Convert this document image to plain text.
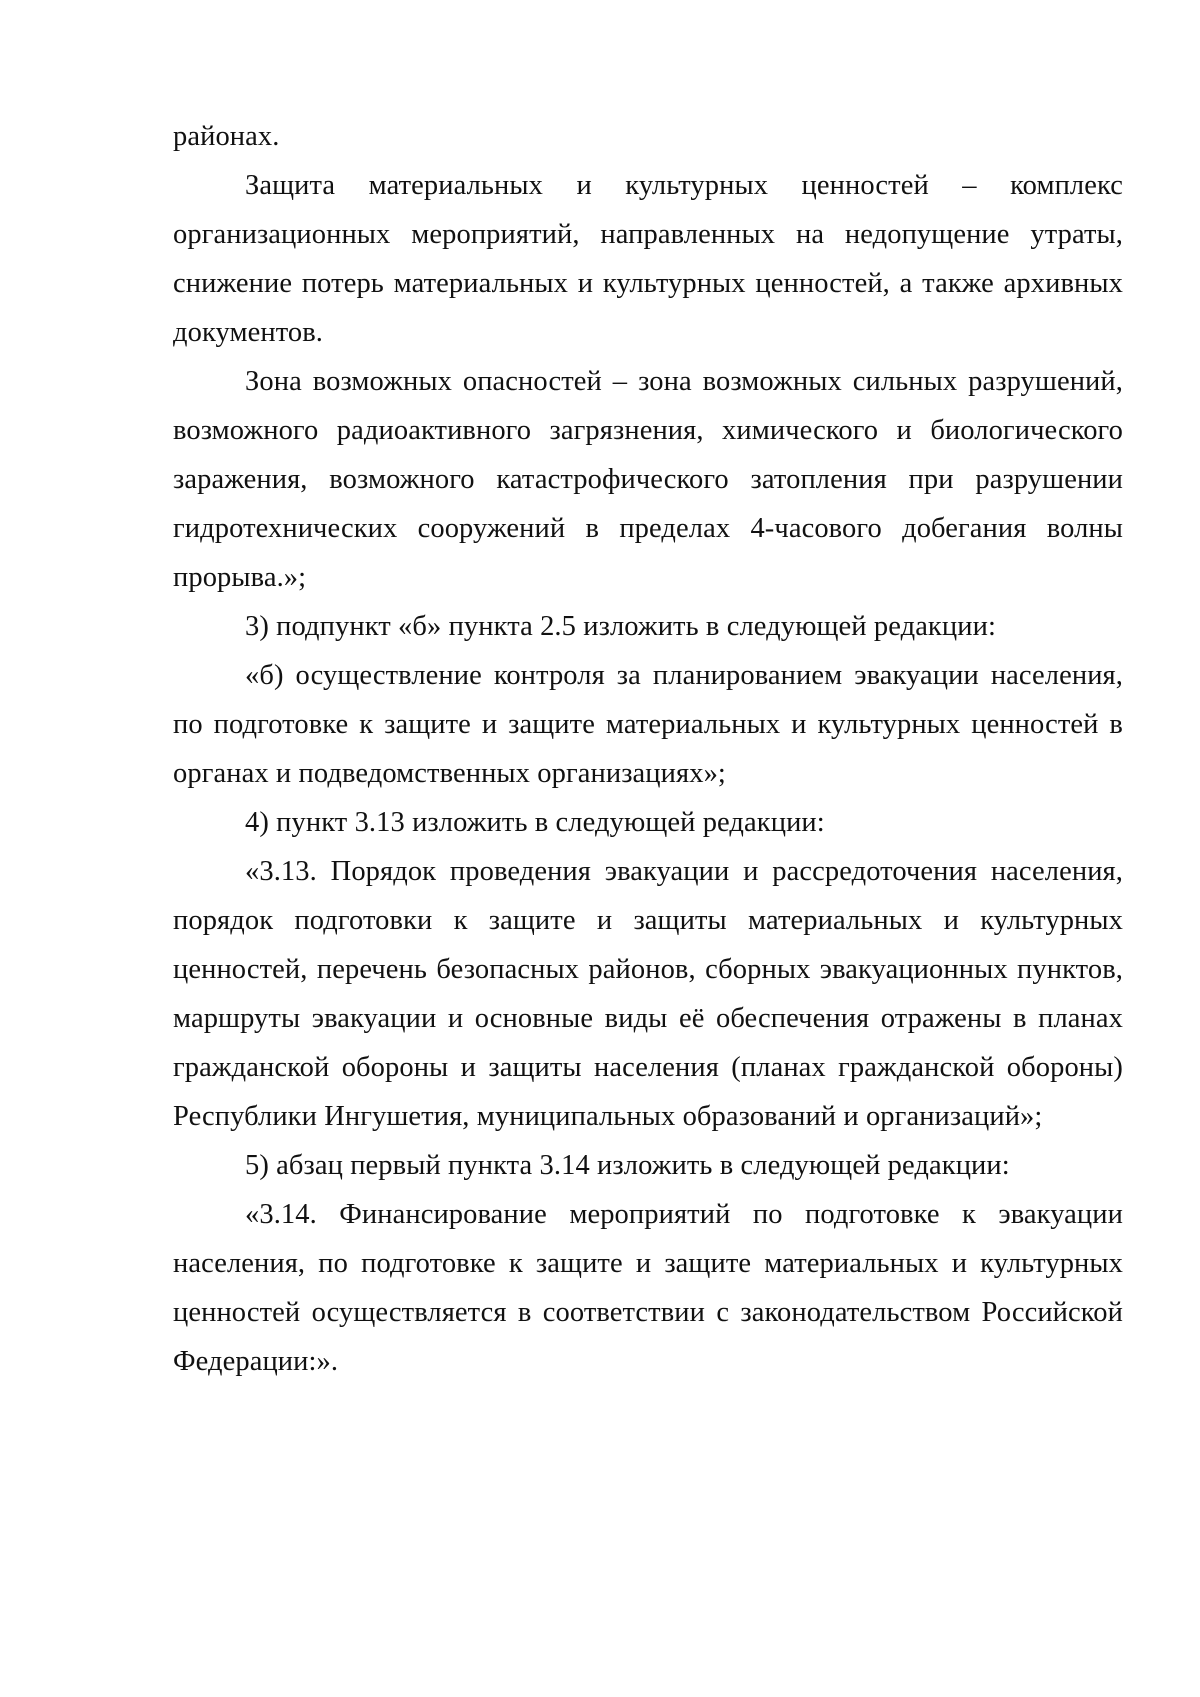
районах.

Защита материальных и культурных ценностей – комплекс организационных мероприятий, направленных на недопущение утраты, снижение потерь материальных и культурных ценностей, а также архивных документов.

Зона возможных опасностей – зона возможных сильных разрушений, возможного радиоактивного загрязнения, химического и биологического заражения, возможного катастрофического затопления при разрушении гидротехнических сооружений в пределах 4-часового добегания волны прорыва.»;

3) подпункт «б» пункта 2.5 изложить в следующей редакции:

«б) осуществление контроля за планированием эвакуации населения, по подготовке к защите и защите материальных и культурных ценностей в органах и подведомственных организациях»;

4) пункт 3.13 изложить в следующей редакции:

«3.13. Порядок проведения эвакуации и рассредоточения населения, порядок подготовки к защите и защиты материальных и культурных ценностей, перечень безопасных районов, сборных эвакуационных пунктов, маршруты эвакуации и основные виды её обеспечения отражены в планах гражданской обороны и защиты населения (планах гражданской обороны) Республики Ингушетия, муниципальных образований и организаций»;

5) абзац первый пункта 3.14 изложить в следующей редакции:

«3.14. Финансирование мероприятий по подготовке к эвакуации населения, по подготовке к защите и защите материальных и культурных ценностей осуществляется в соответствии с законодательством Российской Федерации:».
